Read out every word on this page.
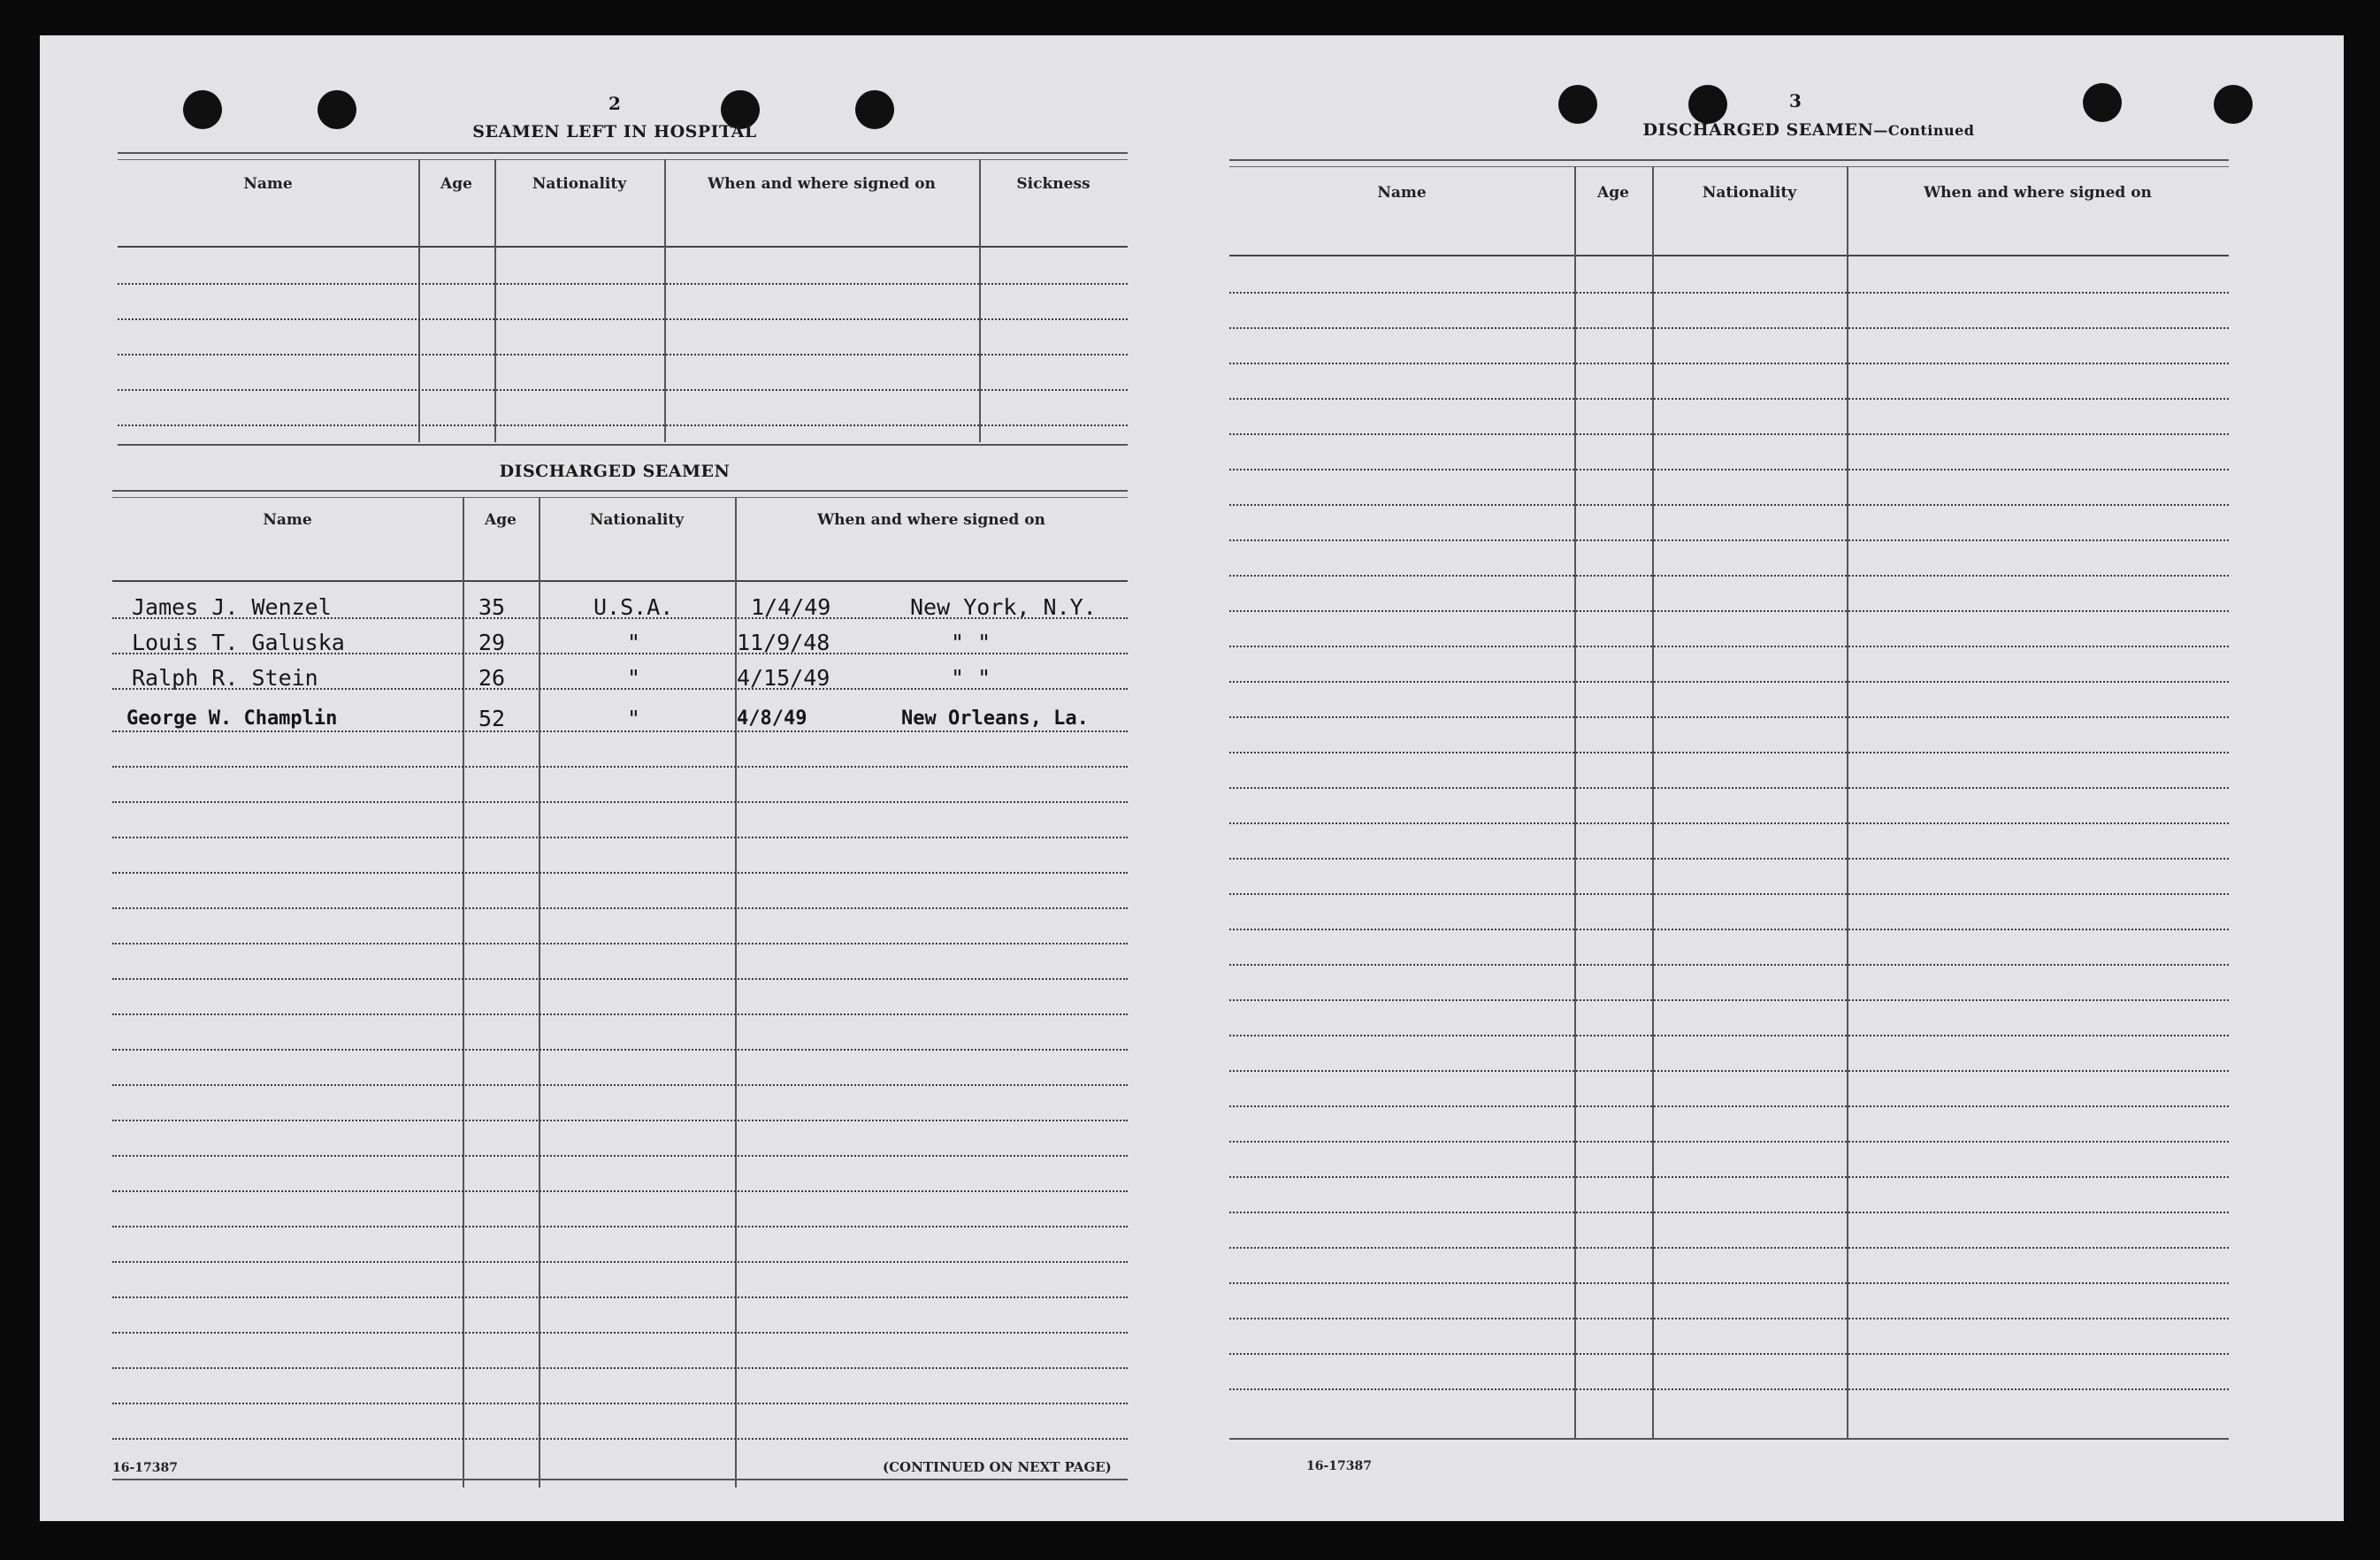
2
SEAMEN LEFT IN HOSPITAL
Name	Age	Nationality	When and where signed on	Sickness
DISCHARGED SEAMEN
Name	Age	Nationality	When and where signed on
James J. Wenzel	35	U.S.A.	1/4/49	New York, N.Y.
Louis T. Galuska	29	"	11/9/48	" "
Ralph R. Stein	26	"	4/15/49	" "
George W. Champlin	52	"	4/8/49	New Orleans, La.
16-17387	(CONTINUED ON NEXT PAGE)
3
DISCHARGED SEAMEN—Continued
Name	Age	Nationality	When and where signed on
16-17387
